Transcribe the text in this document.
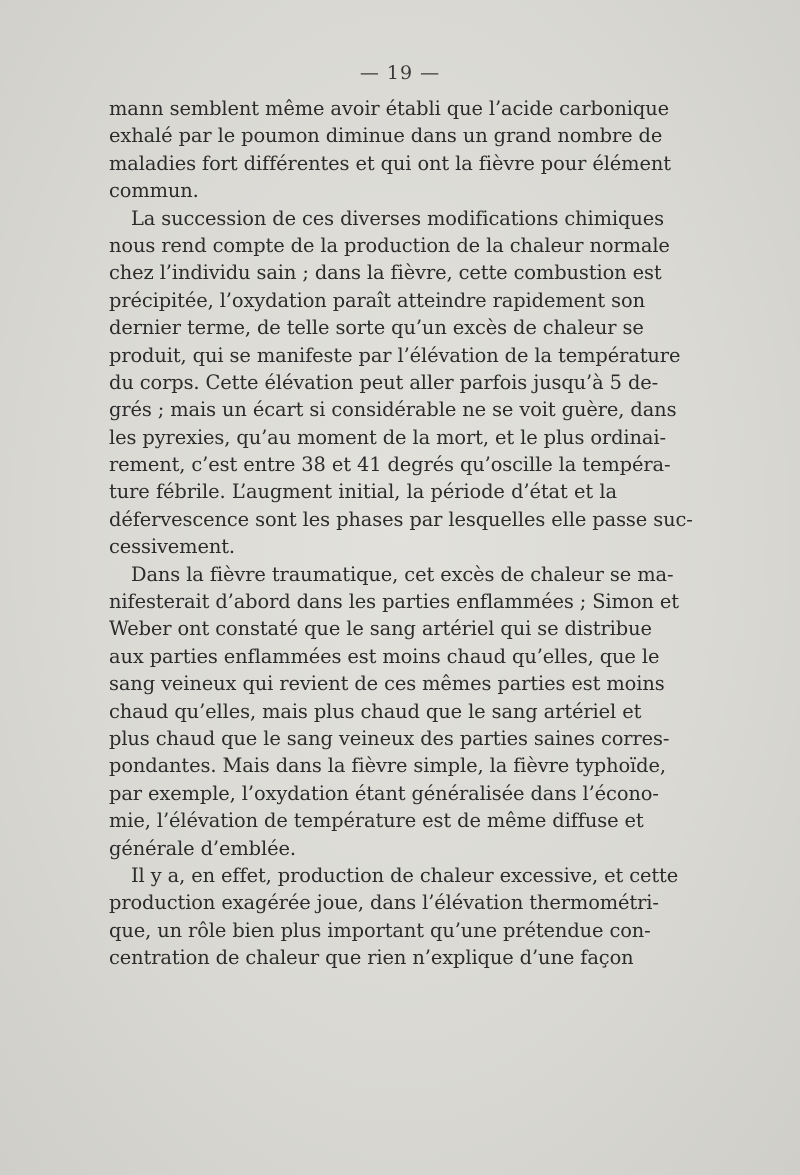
— 19 —
mann semblent même avoir établi que l’acide carbonique
exhalé par le poumon diminue dans un grand nombre de
maladies fort différentes et qui ont la fièvre pour élément
commun.
La succession de ces diverses modifications chimiques
nous rend compte de la production de la chaleur normale
chez l’individu sain ; dans la fièvre, cette combustion est
précipitée, l’oxydation paraît atteindre rapidement son
dernier terme, de telle sorte qu’un excès de chaleur se
produit, qui se manifeste par l’élévation de la température
du corps. Cette élévation peut aller parfois jusqu’à 5 de-
grés ; mais un écart si considérable ne se voit guère, dans
les pyrexies, qu’au moment de la mort, et le plus ordinai-
rement, c’est entre 38 et 41 degrés qu’oscille la tempéra-
ture fébrile. L’augment initial, la période d’état et la
défervescence sont les phases par lesquelles elle passe suc-
cessivement.
Dans la fièvre traumatique, cet excès de chaleur se ma-
nifesterait d’abord dans les parties enflammées ; Simon et
Weber ont constaté que le sang artériel qui se distribue
aux parties enflammées est moins chaud qu’elles, que le
sang veineux qui revient de ces mêmes parties est moins
chaud qu’elles, mais plus chaud que le sang artériel et
plus chaud que le sang veineux des parties saines corres-
pondantes. Mais dans la fièvre simple, la fièvre typhoïde,
par exemple, l’oxydation étant généralisée dans l’écono-
mie, l’élévation de température est de même diffuse et
générale d’emblée.
Il y a, en effet, production de chaleur excessive, et cette
production exagérée joue, dans l’élévation thermométri-
que, un rôle bien plus important qu’une prétendue con-
centration de chaleur que rien n’explique d’une façon
